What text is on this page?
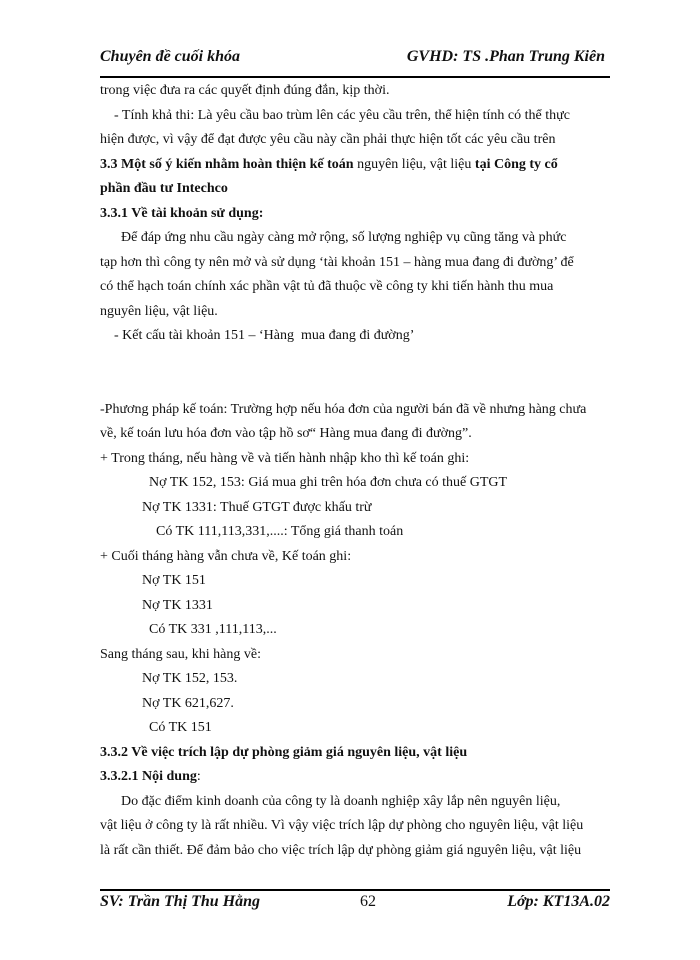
Chuyên đề cuối khóa	GVHD: TS .Phan Trung Kiên

trong việc đưa ra các quyết định đúng đắn, kịp thời.

- Tính khả thi: Là yêu cầu bao trùm lên các yêu cầu trên, thể hiện tính có thể thực

hiện được, vì vậy để đạt được yêu cầu này cần phải thực hiện tốt các yêu cầu trên

3.3 Một số ý kiến nhằm hoàn thiện kế toán nguyên liệu, vật liệu tại Công ty cổ

phần đầu tư Intechco

3.3.1 Về tài khoản sử dụng:

Để đáp ứng nhu cầu ngày càng mở rộng, số lượng nghiệp vụ cũng tăng và phức

tạp hơn thì công ty nên mở và sử dụng ‘tài khoản 151 – hàng mua đang đi đường’ để

có thể hạch toán chính xác phần vật tủ đã thuộc về công ty khi tiến hành thu mua

nguyên liệu, vật liệu.

- Kết cấu tài khoản 151 – ‘Hàng  mua đang đi đường’

-Phương pháp kế toán: Trường hợp nếu hóa đơn của người bán đã về nhưng hàng chưa

về, kế toán lưu hóa đơn vào tập hồ sơ“ Hàng mua đang đi đường”.

+ Trong tháng, nếu hàng về và tiến hành nhập kho thì kế toán ghi:

Nợ TK 152, 153: Giá mua ghi trên hóa đơn chưa có thuế GTGT

Nợ TK 1331: Thuế GTGT được khấu trừ

Có TK 111,113,331,....: Tổng giá thanh toán

+ Cuối tháng hàng vẫn chưa về, Kế toán ghi:

Nợ TK 151

Nợ TK 1331

Có TK 331 ,111,113,...

Sang tháng sau, khi hàng về:

Nợ TK 152, 153.

Nợ TK 621,627.

Có TK 151

3.3.2 Về việc trích lập dự phòng giảm giá nguyên liệu, vật liệu

3.3.2.1 Nội dung:

Do đặc điểm kinh doanh của công ty là doanh nghiệp xây lắp nên nguyên liệu,

vật liệu ở công ty là rất nhiều. Vì vậy việc trích lập dự phòng cho nguyên liệu, vật liệu

là rất cần thiết. Để đảm bảo cho việc trích lập dự phòng giảm giá nguyên liệu, vật liệu

SV: Trần Thị Thu Hằng	62	Lớp: KT13A.02
